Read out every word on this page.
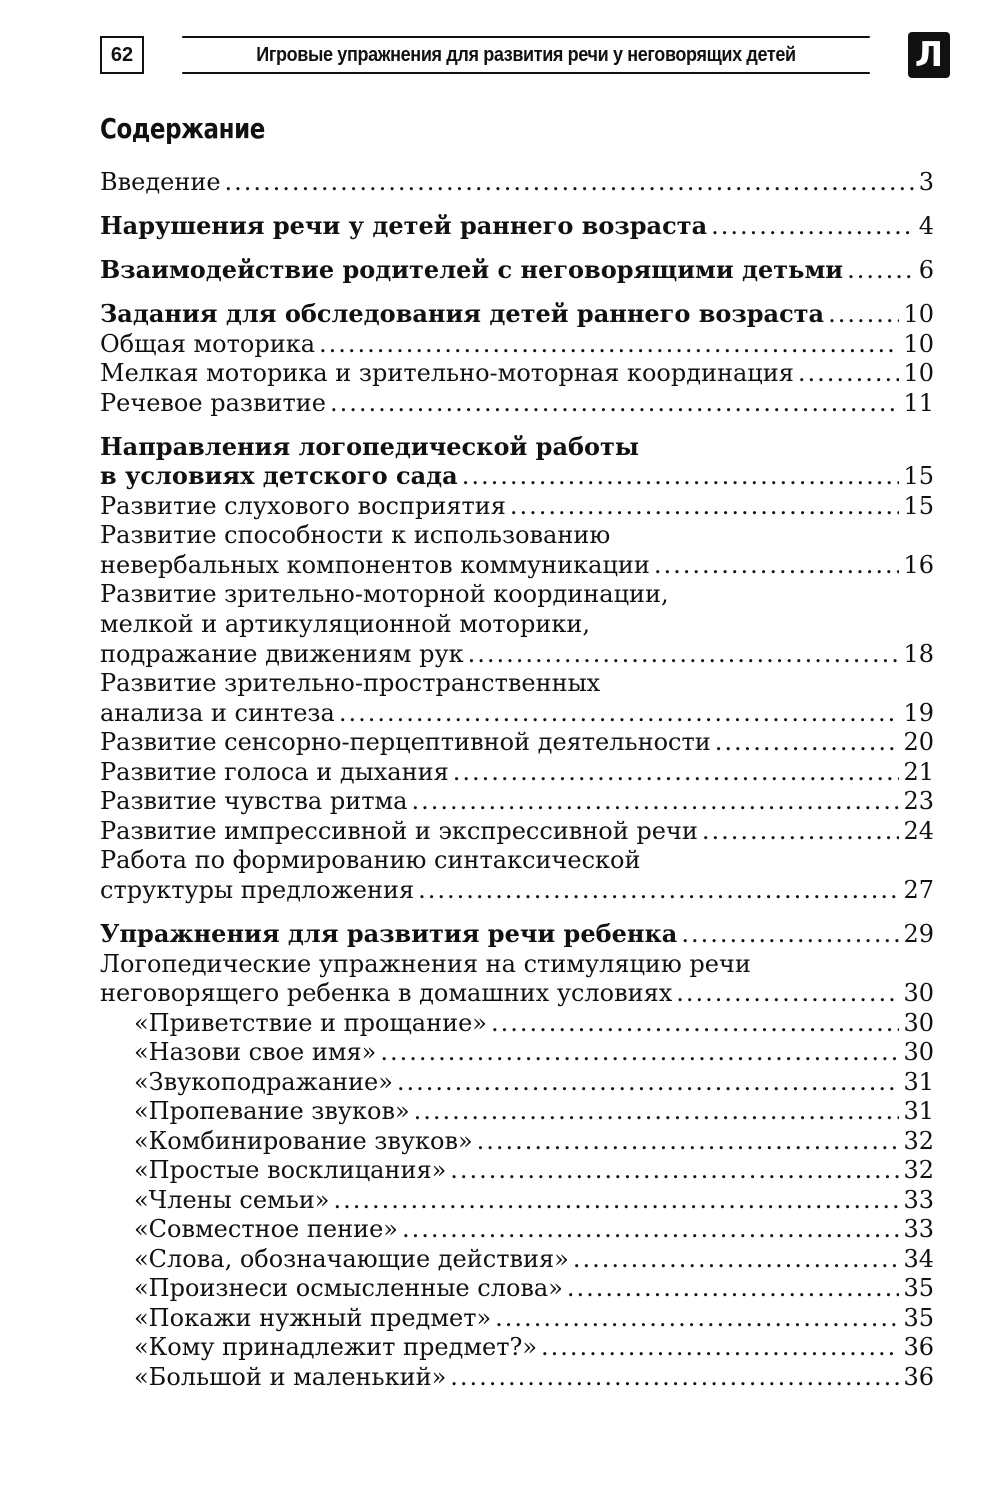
62	Игровые упражнения для развития речи у неговорящих детей	Л
Содержание
Введение .....	3
Нарушения речи у детей раннего возраста .....	4
Взаимодействие родителей с неговорящими детьми .....	6
Задания для обследования детей раннего возраста .....	10
Общая моторика .....	10
Мелкая моторика и зрительно-моторная координация .....	10
Речевое развитие .....	11
Направления логопедической работы
в условиях детского сада .....	15
Развитие слухового восприятия .....	15
Развитие способности к использованию
невербальных компонентов коммуникации .....	16
Развитие зрительно-моторной координации,
мелкой и артикуляционной моторики,
подражание движениям рук .....	18
Развитие зрительно-пространственных
анализа и синтеза .....	19
Развитие сенсорно-перцептивной деятельности .....	20
Развитие голоса и дыхания .....	21
Развитие чувства ритма .....	23
Развитие импрессивной и экспрессивной речи .....	24
Работа по формированию синтаксической
структуры предложения .....	27
Упражнения для развития речи ребенка .....	29
Логопедические упражнения на стимуляцию речи
неговорящего ребенка в домашних условиях .....	30
«Приветствие и прощание» .....	30
«Назови свое имя» .....	30
«Звукоподражание» .....	31
«Пропевание звуков» .....	31
«Комбинирование звуков» .....	32
«Простые восклицания» .....	32
«Члены семьи» .....	33
«Совместное пение» .....	33
«Слова, обозначающие действия» .....	34
«Произнеси осмысленные слова» .....	35
«Покажи нужный предмет» .....	35
«Кому принадлежит предмет?» .....	36
«Большой и маленький» .....	36
